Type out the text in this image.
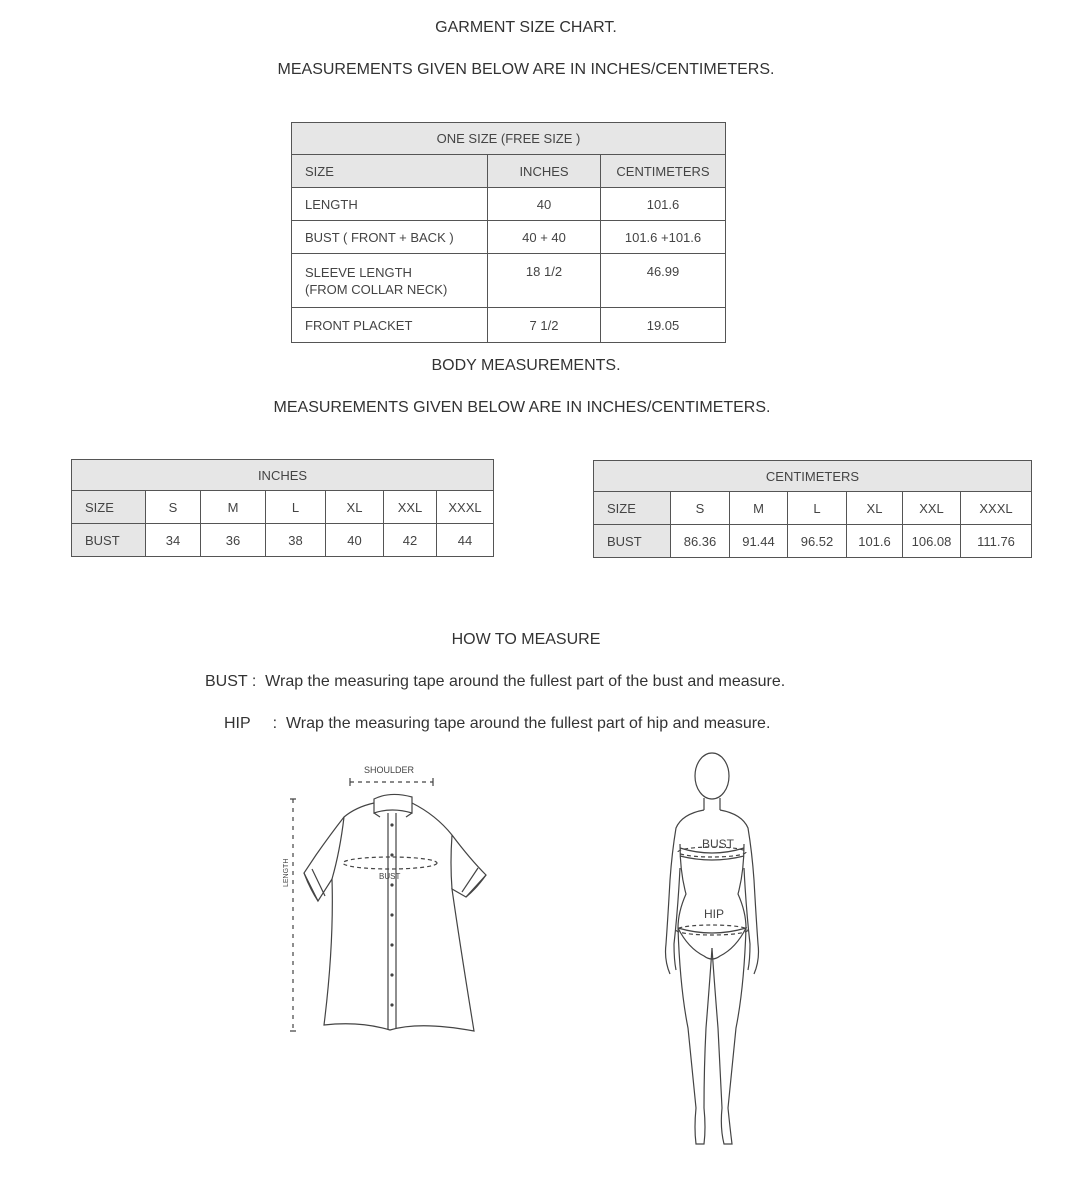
GARMENT SIZE CHART.
MEASUREMENTS GIVEN BELOW ARE IN INCHES/CENTIMETERS.
ONE SIZE (FREE SIZE )		
SIZE	INCHES	CENTIMETERS
LENGTH	40	101.6
BUST ( FRONT + BACK )	40 + 40	101.6 +101.6
SLEEVE LENGTH
(FROM COLLAR NECK)	18 1/2	46.99
FRONT PLACKET	7 1/2	19.05
BODY MEASUREMENTS.
MEASUREMENTS GIVEN BELOW ARE IN INCHES/CENTIMETERS.
INCHES						
SIZE	S	M	L	XL	XXL	XXXL
BUST	34	36	38	40	42	44
CENTIMETERS						
SIZE	S	M	L	XL	XXL	XXXL
BUST	86.36	91.44	96.52	101.6	106.08	111.76
HOW TO MEASURE
BUST : Wrap the measuring tape around the fullest part of the bust and measure.
HIP :  Wrap the measuring tape around the fullest part of hip and measure.
SHOULDER
LENGTH	BUST
BUST
HIP
